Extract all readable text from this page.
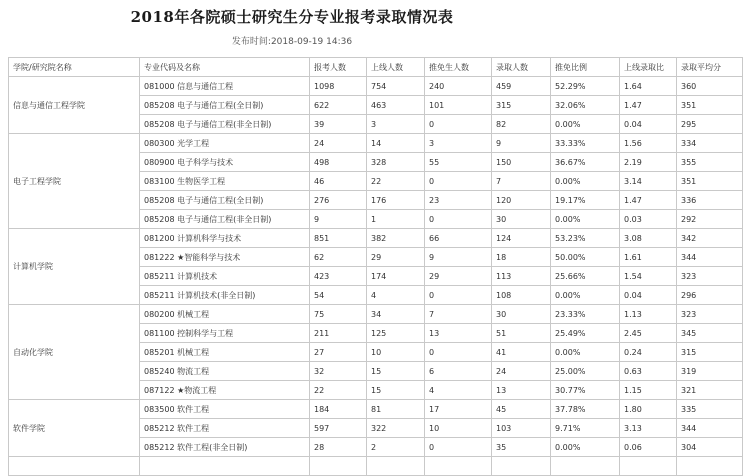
2018年各院硕士研究生分专业报考录取情况表
发布时间:2018-09-19 14:36
学院/研究院名称	专业代码及名称	报考人数	上线人数	推免生人数	录取人数	推免比例	上线录取比	录取平均分
信息与通信工程学院	081000 信息与通信工程	1098	754	240	459	52.29%	1.64	360
	085208 电子与通信工程(全日制)	622	463	101	315	32.06%	1.47	351
	085208 电子与通信工程(非全日制)	39	3	0	82	0.00%	0.04	295
电子工程学院	080300 光学工程	24	14	3	9	33.33%	1.56	334
	080900 电子科学与技术	498	328	55	150	36.67%	2.19	355
	083100 生物医学工程	46	22	0	7	0.00%	3.14	351
	085208 电子与通信工程(全日制)	276	176	23	120	19.17%	1.47	336
	085208 电子与通信工程(非全日制)	9	1	0	30	0.00%	0.03	292
计算机学院	081200 计算机科学与技术	851	382	66	124	53.23%	3.08	342
	081222 ★智能科学与技术	62	29	9	18	50.00%	1.61	344
	085211 计算机技术	423	174	29	113	25.66%	1.54	323
	085211 计算机技术(非全日制)	54	4	0	108	0.00%	0.04	296
自动化学院	080200 机械工程	75	34	7	30	23.33%	1.13	323
	081100 控制科学与工程	211	125	13	51	25.49%	2.45	345
	085201 机械工程	27	10	0	41	0.00%	0.24	315
	085240 物流工程	32	15	6	24	25.00%	0.63	319
	087122 ★物流工程	22	15	4	13	30.77%	1.15	321
软件学院	083500 软件工程	184	81	17	45	37.78%	1.80	335
	085212 软件工程	597	322	10	103	9.71%	3.13	344
	085212 软件工程(非全日制)	28	2	0	35	0.00%	0.06	304
